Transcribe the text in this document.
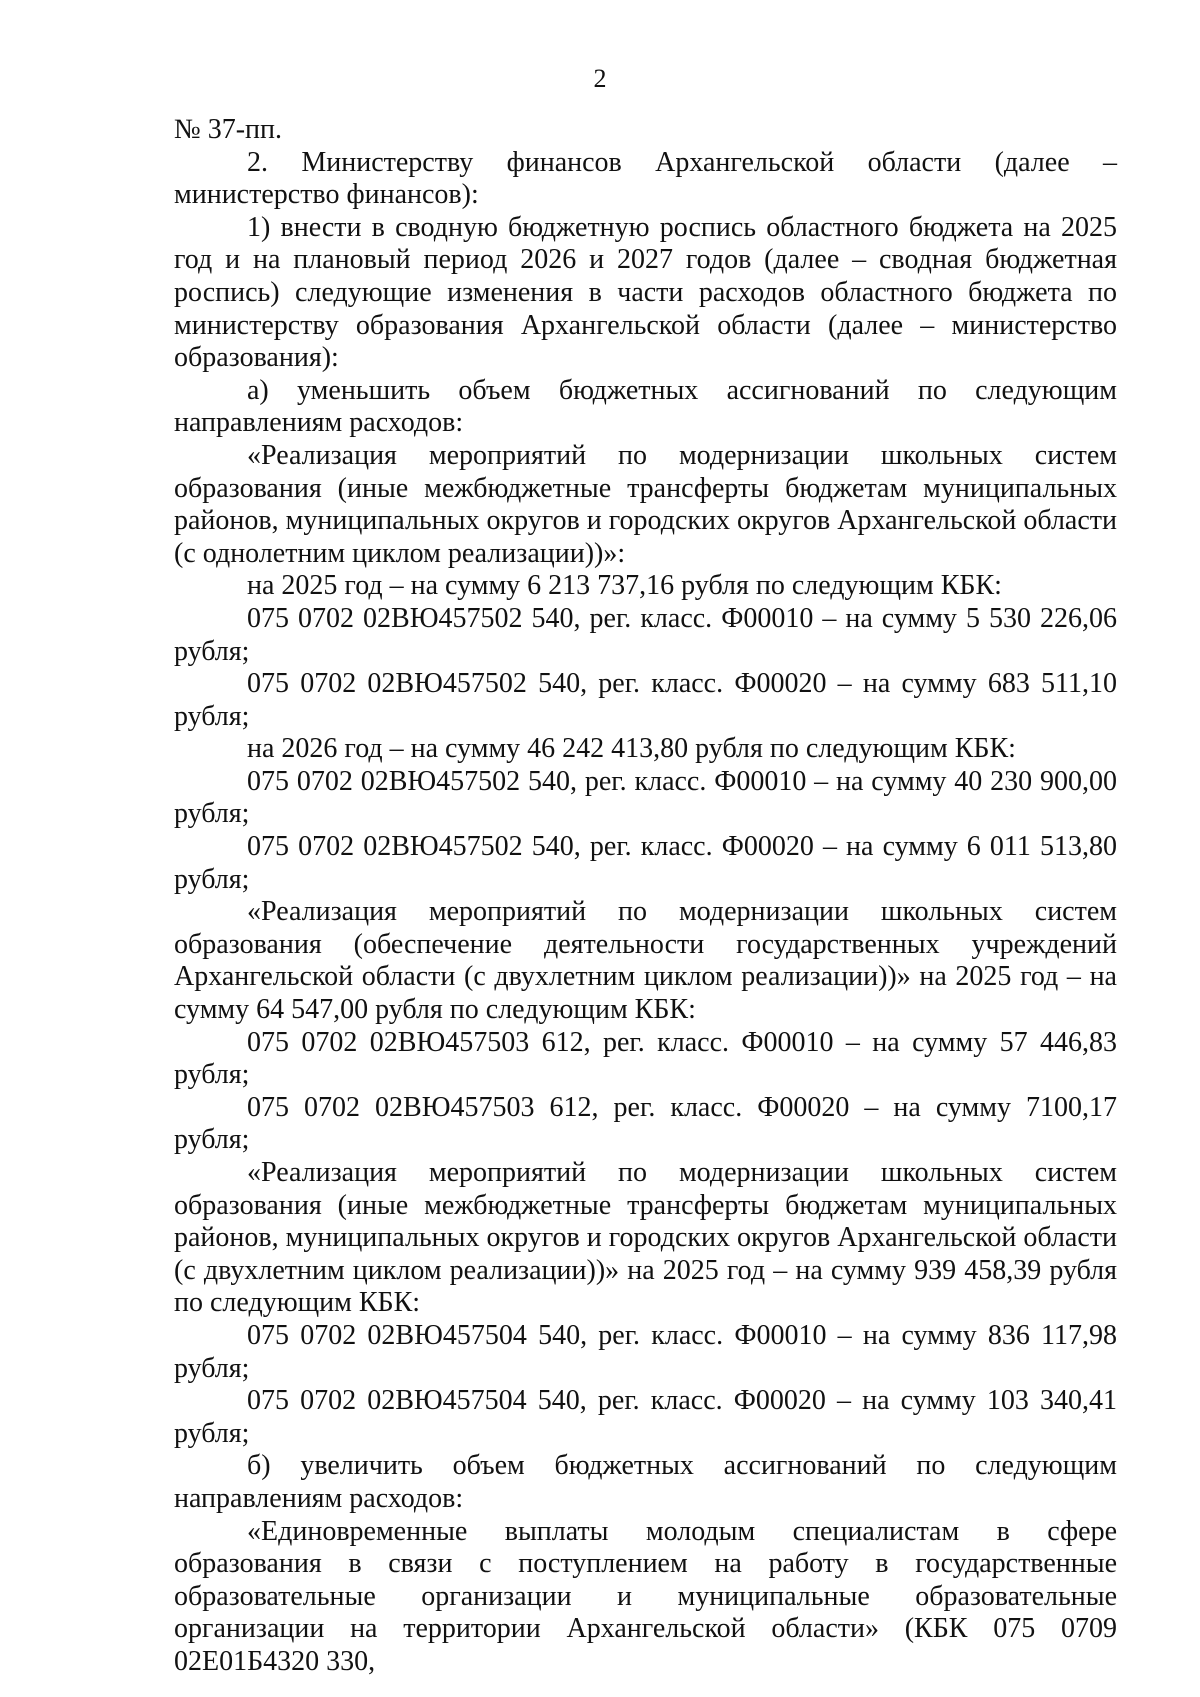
2

№ 37-пп.

2. Министерству финансов Архангельской области (далее – министерство финансов):

1) внести в сводную бюджетную роспись областного бюджета на 2025 год и на плановый период 2026 и 2027 годов (далее – сводная бюджетная роспись) следующие изменения в части расходов областного бюджета по министерству образования Архангельской области (далее – министерство образования):

а) уменьшить объем бюджетных ассигнований по следующим направлениям расходов:

«Реализация мероприятий по модернизации школьных систем образования (иные межбюджетные трансферты бюджетам муниципальных районов, муниципальных округов и городских округов Архангельской области (с однолетним циклом реализации))»:

на 2025 год – на сумму 6 213 737,16 рубля по следующим КБК:

075 0702 02ВЮ457502 540, рег. класс. Ф00010 – на сумму 5 530 226,06 рубля;

075 0702 02ВЮ457502 540, рег. класс. Ф00020 – на сумму 683 511,10 рубля;

на 2026 год – на сумму 46 242 413,80 рубля по следующим КБК:

075 0702 02ВЮ457502 540, рег. класс. Ф00010 – на сумму 40 230 900,00 рубля;

075 0702 02ВЮ457502 540, рег. класс. Ф00020 – на сумму 6 011 513,80 рубля;

«Реализация мероприятий по модернизации школьных систем образования (обеспечение деятельности государственных учреждений Архангельской области (с двухлетним циклом реализации))» на 2025 год – на сумму 64 547,00 рубля по следующим КБК:

075 0702 02ВЮ457503 612, рег. класс. Ф00010 – на сумму 57 446,83 рубля;

075 0702 02ВЮ457503 612, рег. класс. Ф00020 – на сумму 7100,17 рубля;

«Реализация мероприятий по модернизации школьных систем образования (иные межбюджетные трансферты бюджетам муниципальных районов, муниципальных округов и городских округов Архангельской области (с двухлетним циклом реализации))» на 2025 год – на сумму 939 458,39 рубля по следующим КБК:

075 0702 02ВЮ457504 540, рег. класс. Ф00010 – на сумму 836 117,98 рубля;

075 0702 02ВЮ457504 540, рег. класс. Ф00020 – на сумму 103 340,41 рубля;

б) увеличить объем бюджетных ассигнований по следующим направлениям расходов:

«Единовременные выплаты молодым специалистам в сфере образования в связи с поступлением на работу в государственные образовательные организации и муниципальные образовательные организации на территории Архангельской области» (КБК 075 0709 02Е01Б4320 330,
